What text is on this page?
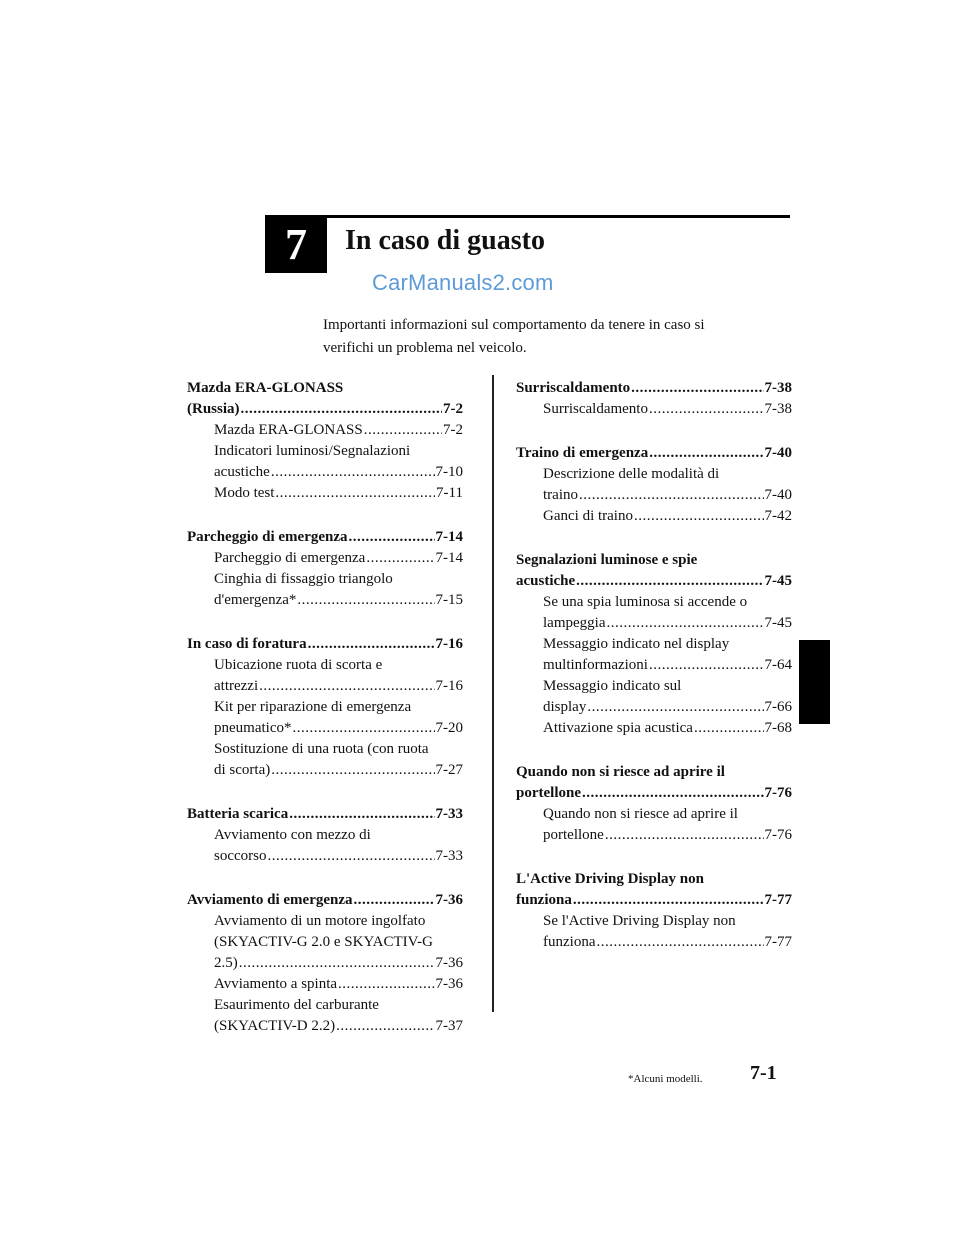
7	In caso di guasto
CarManuals2.com
Importanti informazioni sul comportamento da tenere in caso si
verifichi un problema nel veicolo.
Mazda ERA-GLONASS
(Russia) .....	7-2
Mazda ERA-GLONASS .....	7-2
Indicatori luminosi/Segnalazioni
acustiche .....	7-10
Modo test .....	7-11
Parcheggio di emergenza .....	7-14
Parcheggio di emergenza .....	7-14
Cinghia di fissaggio triangolo
d'emergenza* .....	7-15
In caso di foratura .....	7-16
Ubicazione ruota di scorta e
attrezzi .....	7-16
Kit per riparazione di emergenza
pneumatico* .....	7-20
Sostituzione di una ruota (con ruota
di scorta) .....	7-27
Batteria scarica .....	7-33
Avviamento con mezzo di
soccorso .....	7-33
Avviamento di emergenza .....	7-36
Avviamento di un motore ingolfato
(SKYACTIV-G 2.0 e SKYACTIV-G
2.5) .....	7-36
Avviamento a spinta .....	7-36
Esaurimento del carburante
(SKYACTIV-D 2.2) .....	7-37
Surriscaldamento .....	7-38
Surriscaldamento .....	7-38
Traino di emergenza .....	7-40
Descrizione delle modalità di
traino .....	7-40
Ganci di traino .....	7-42
Segnalazioni luminose e spie
acustiche .....	7-45
Se una spia luminosa si accende o
lampeggia .....	7-45
Messaggio indicato nel display
multinformazioni .....	7-64
Messaggio indicato sul
display .....	7-66
Attivazione spia acustica .....	7-68
Quando non si riesce ad aprire il
portellone .....	7-76
Quando non si riesce ad aprire il
portellone .....	7-76
L'Active Driving Display non
funziona .....	7-77
Se l'Active Driving Display non
funziona .....	7-77
*Alcuni modelli. 7-1
